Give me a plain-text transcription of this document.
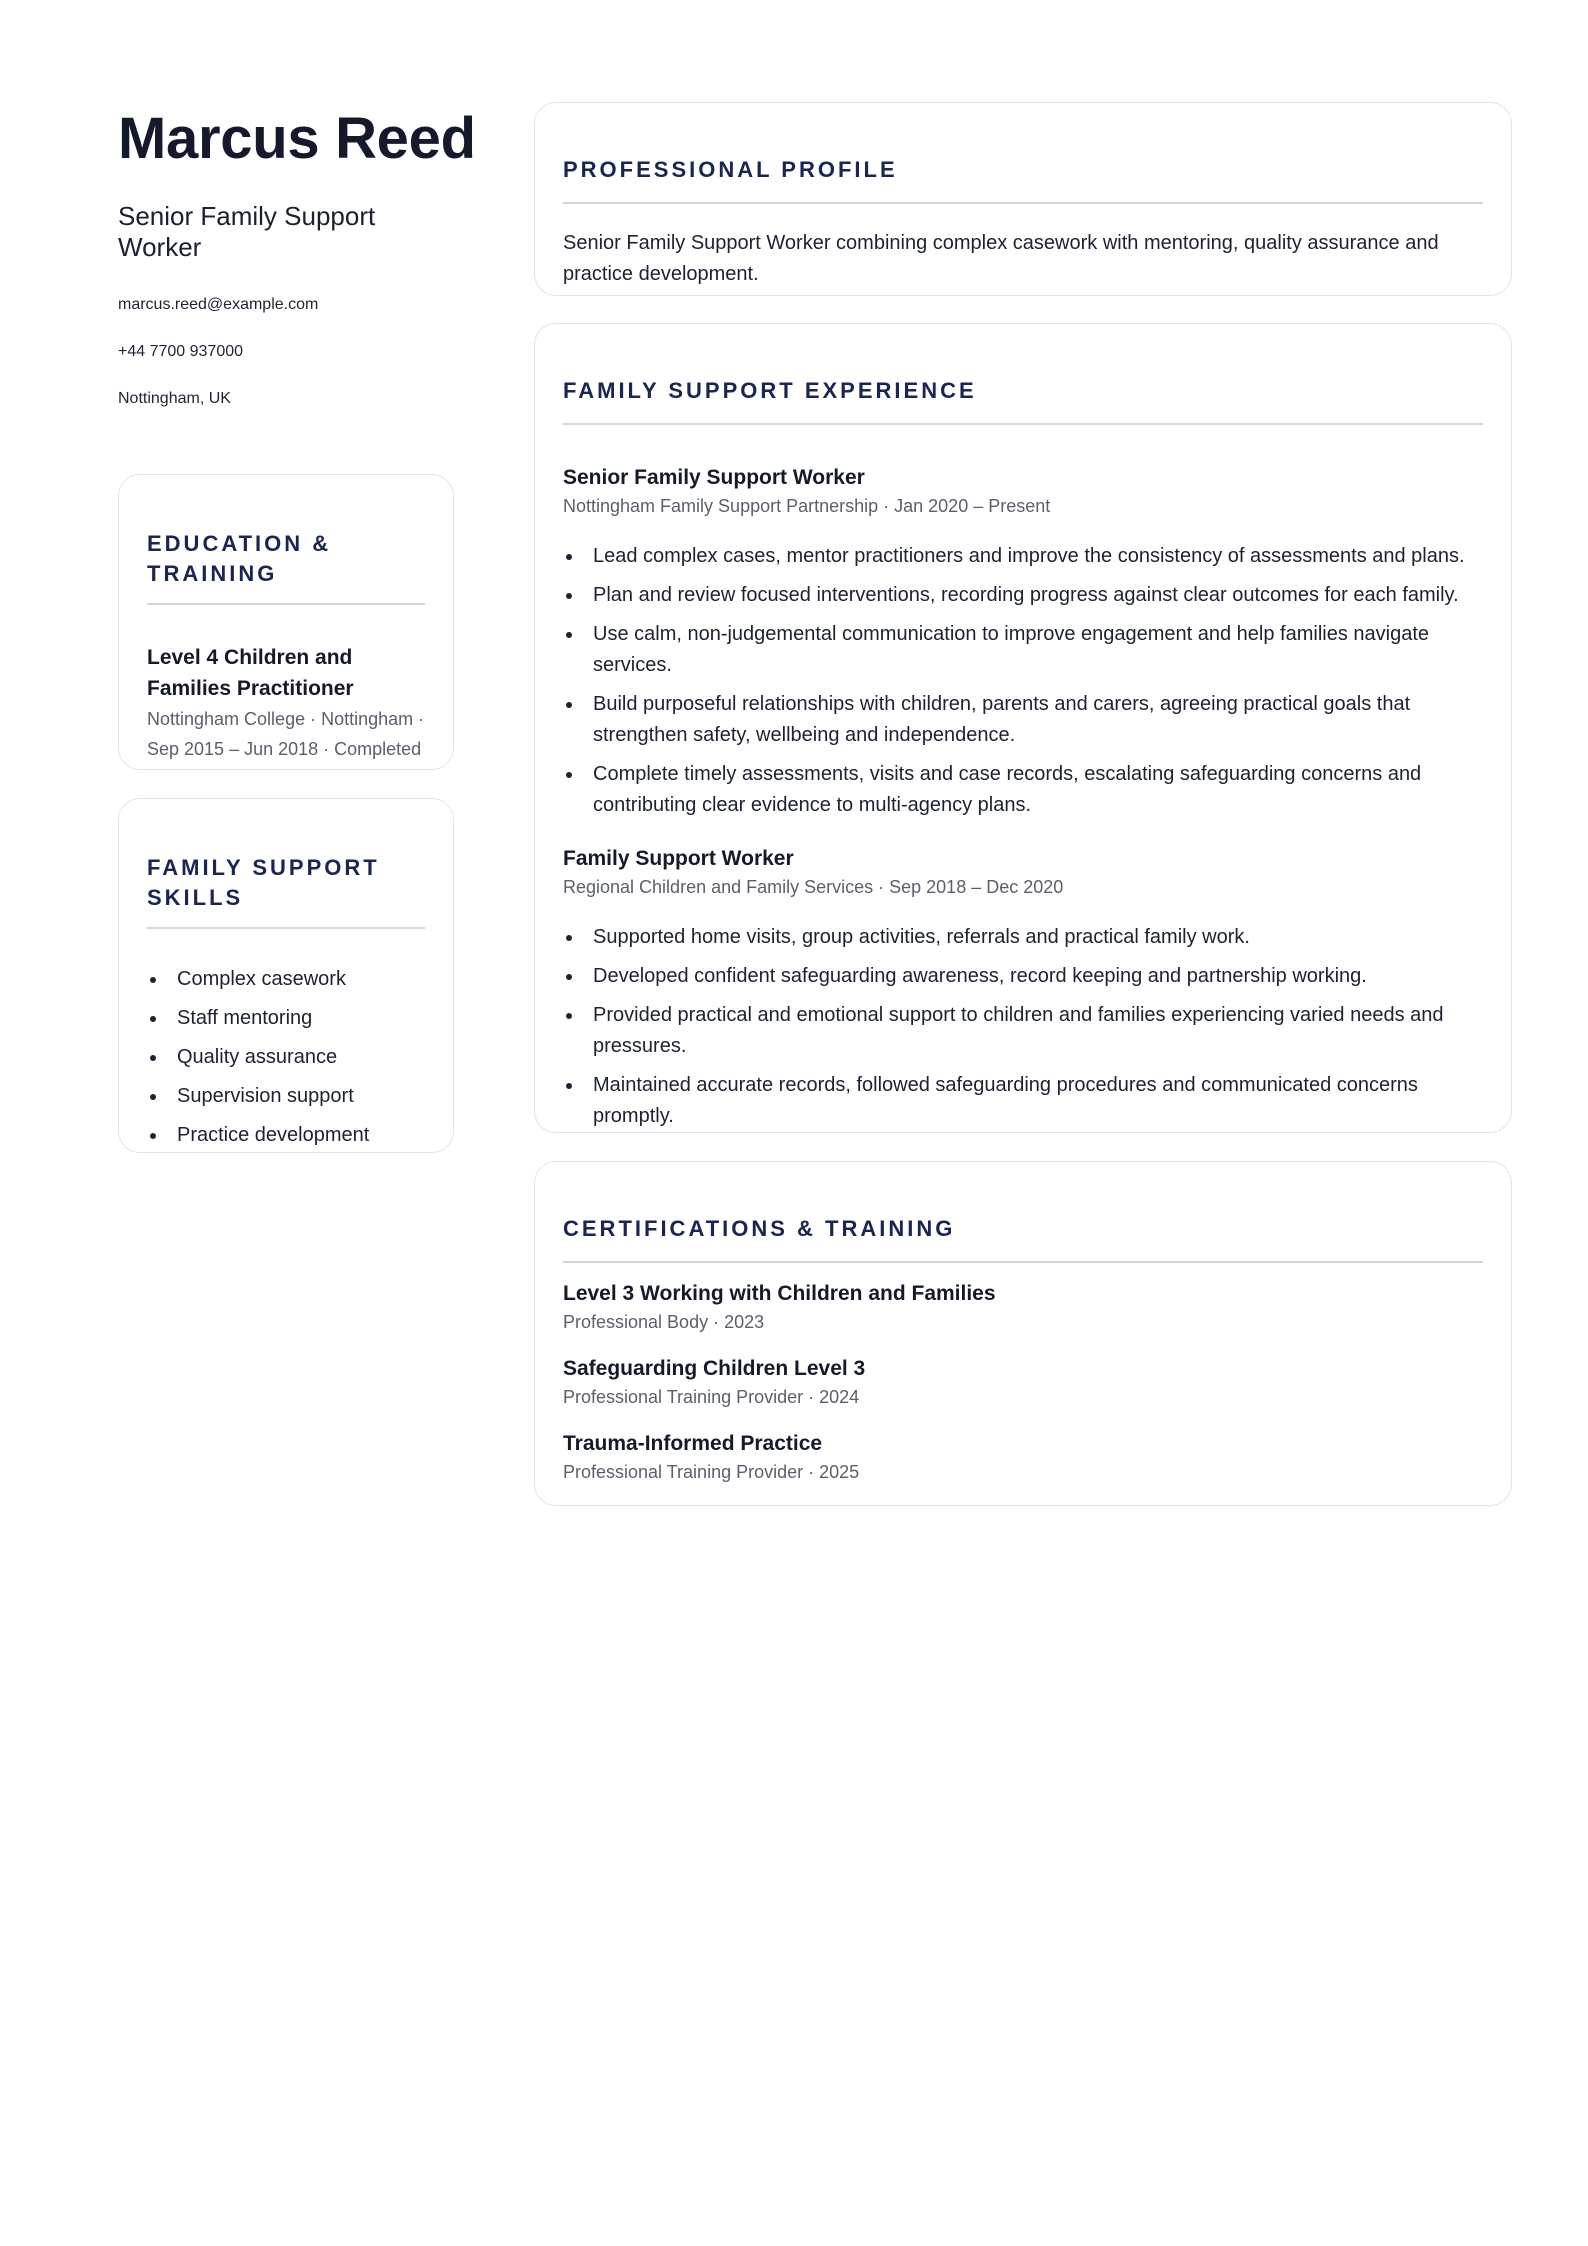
Marcus Reed
Senior Family Support Worker
marcus.reed@example.com
+44 7700 937000
Nottingham, UK
EDUCATION & TRAINING
Level 4 Children and Families Practitioner
Nottingham College · Nottingham · Sep 2015 – Jun 2018 · Completed
FAMILY SUPPORT SKILLS
Complex casework
Staff mentoring
Quality assurance
Supervision support
Practice development
PROFESSIONAL PROFILE
Senior Family Support Worker combining complex casework with mentoring, quality assurance and practice development.
FAMILY SUPPORT EXPERIENCE
Senior Family Support Worker
Nottingham Family Support Partnership · Jan 2020 – Present
Lead complex cases, mentor practitioners and improve the consistency of assessments and plans.
Plan and review focused interventions, recording progress against clear outcomes for each family.
Use calm, non-judgemental communication to improve engagement and help families navigate services.
Build purposeful relationships with children, parents and carers, agreeing practical goals that strengthen safety, wellbeing and independence.
Complete timely assessments, visits and case records, escalating safeguarding concerns and contributing clear evidence to multi-agency plans.
Family Support Worker
Regional Children and Family Services · Sep 2018 – Dec 2020
Supported home visits, group activities, referrals and practical family work.
Developed confident safeguarding awareness, record keeping and partnership working.
Provided practical and emotional support to children and families experiencing varied needs and pressures.
Maintained accurate records, followed safeguarding procedures and communicated concerns promptly.
CERTIFICATIONS & TRAINING
Level 3 Working with Children and Families
Professional Body · 2023
Safeguarding Children Level 3
Professional Training Provider · 2024
Trauma-Informed Practice
Professional Training Provider · 2025
